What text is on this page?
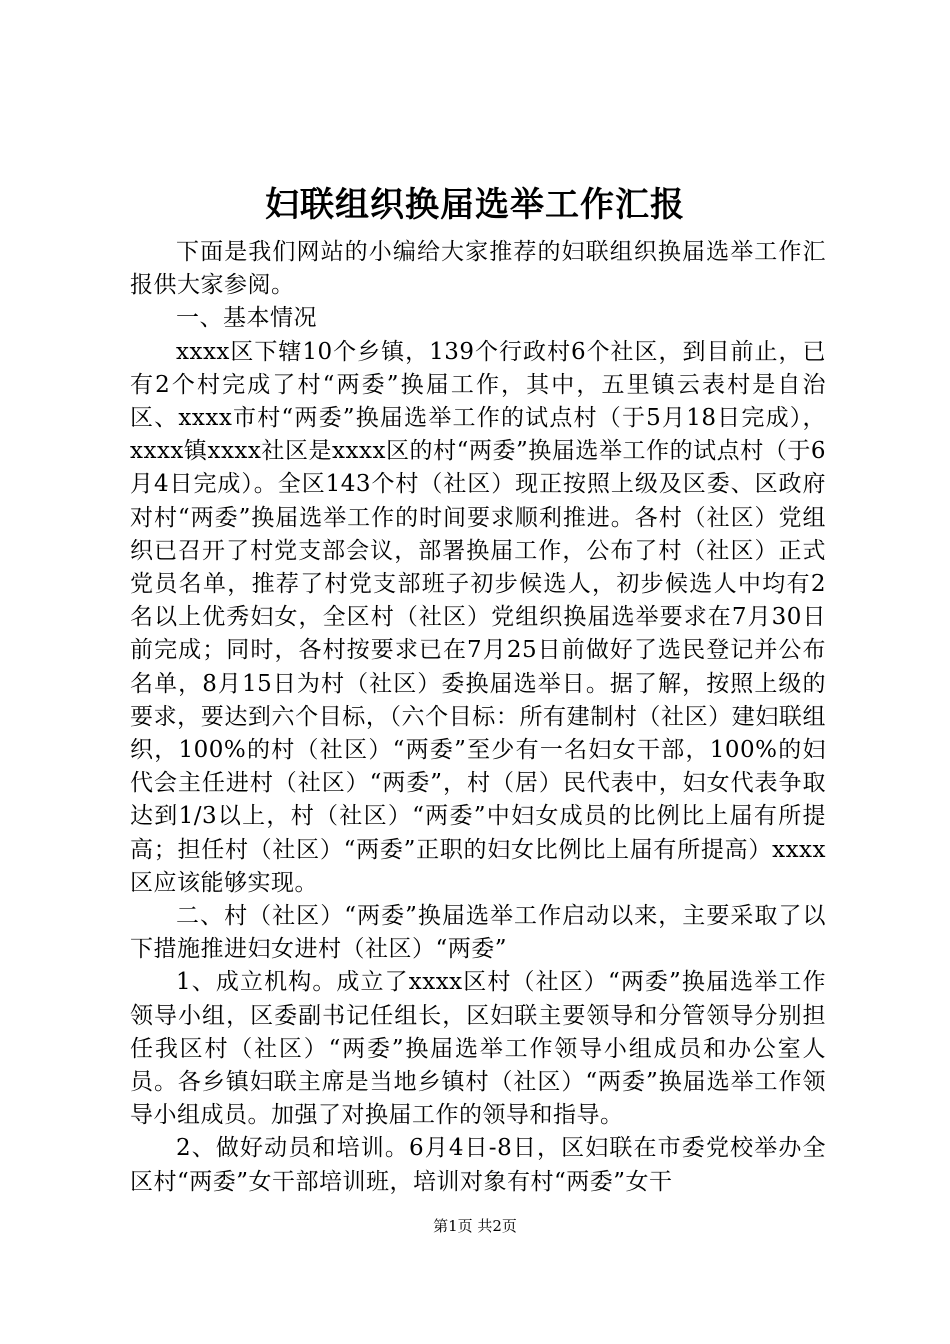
妇联组织换届选举工作汇报

下面是我们网站的小编给大家推荐的妇联组织换届选举工作汇报供大家参阅。

一、基本情况

xxxx区下辖10个乡镇，139个行政村6个社区，到目前止，已有2个村完成了村“两委”换届工作，其中，五里镇云表村是自治区、xxxx市村“两委”换届选举工作的试点村（于5月18日完成），xxxx镇xxxx社区是xxxx区的村“两委”换届选举工作的试点村（于6月4日完成）。全区143个村（社区）现正按照上级及区委、区政府对村“两委”换届选举工作的时间要求顺利推进。各村（社区）党组织已召开了村党支部会议，部署换届工作，公布了村（社区）正式党员名单，推荐了村党支部班子初步候选人，初步候选人中均有2名以上优秀妇女，全区村（社区）党组织换届选举要求在7月30日前完成；同时，各村按要求已在7月25日前做好了选民登记并公布名单，8月15日为村（社区）委换届选举日。据了解，按照上级的要求，要达到六个目标，（六个目标：所有建制村（社区）建妇联组织，100%的村（社区）“两委”至少有一名妇女干部，100%的妇代会主任进村（社区）“两委”，村（居）民代表中，妇女代表争取达到1/3以上，村（社区）“两委”中妇女成员的比例比上届有所提高；担任村（社区）“两委”正职的妇女比例比上届有所提高）xxxx区应该能够实现。

二、村（社区）“两委”换届选举工作启动以来，主要采取了以下措施推进妇女进村（社区）“两委”

1、成立机构。成立了xxxx区村（社区）“两委”换届选举工作领导小组，区委副书记任组长，区妇联主要领导和分管领导分别担任我区村（社区）“两委”换届选举工作领导小组成员和办公室人员。各乡镇妇联主席是当地乡镇村（社区）“两委”换届选举工作领导小组成员。加强了对换届工作的领导和指导。

2、做好动员和培训。6月4日-8日，区妇联在市委党校举办全区村“两委”女干部培训班，培训对象有村“两委”女干

第1页 共2页
